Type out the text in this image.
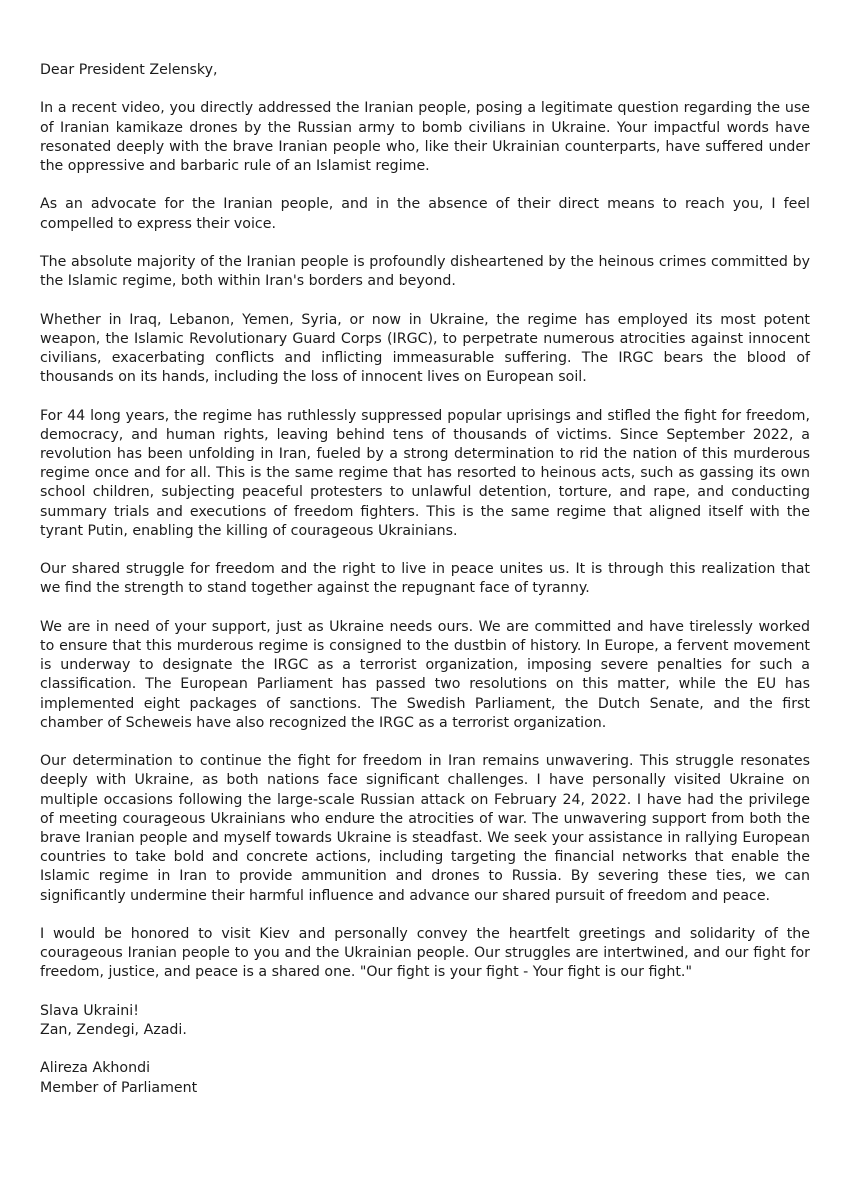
Dear President Zelensky,

In a recent video, you directly addressed the Iranian people, posing a legitimate question regarding the use of Iranian kamikaze drones by the Russian army to bomb civilians in Ukraine. Your impactful words have resonated deeply with the brave Iranian people who, like their Ukrainian counterparts, have suffered under the oppressive and barbaric rule of an Islamist regime.

As an advocate for the Iranian people, and in the absence of their direct means to reach you, I feel compelled to express their voice.

The absolute majority of the Iranian people is profoundly disheartened by the heinous crimes committed by the Islamic regime, both within Iran's borders and beyond.

Whether in Iraq, Lebanon, Yemen, Syria, or now in Ukraine, the regime has employed its most potent weapon, the Islamic Revolutionary Guard Corps (IRGC), to perpetrate numerous atrocities against innocent civilians, exacerbating conflicts and inflicting immeasurable suffering. The IRGC bears the blood of thousands on its hands, including the loss of innocent lives on European soil.

For 44 long years, the regime has ruthlessly suppressed popular uprisings and stifled the fight for freedom, democracy, and human rights, leaving behind tens of thousands of victims. Since September 2022, a revolution has been unfolding in Iran, fueled by a strong determination to rid the nation of this murderous regime once and for all. This is the same regime that has resorted to heinous acts, such as gassing its own school children, subjecting peaceful protesters to unlawful detention, torture, and rape, and conducting summary trials and executions of freedom fighters. This is the same regime that aligned itself with the tyrant Putin, enabling the killing of courageous Ukrainians.

Our shared struggle for freedom and the right to live in peace unites us. It is through this realization that we find the strength to stand together against the repugnant face of tyranny.

We are in need of your support, just as Ukraine needs ours. We are committed and have tirelessly worked to ensure that this murderous regime is consigned to the dustbin of history. In Europe, a fervent movement is underway to designate the IRGC as a terrorist organization, imposing severe penalties for such a classification. The European Parliament has passed two resolutions on this matter, while the EU has implemented eight packages of sanctions. The Swedish Parliament, the Dutch Senate, and the first chamber of Scheweis have also recognized the IRGC as a terrorist organization.

Our determination to continue the fight for freedom in Iran remains unwavering. This struggle resonates deeply with Ukraine, as both nations face significant challenges. I have personally visited Ukraine on multiple occasions following the large-scale Russian attack on February 24, 2022. I have had the privilege of meeting courageous Ukrainians who endure the atrocities of war. The unwavering support from both the brave Iranian people and myself towards Ukraine is steadfast. We seek your assistance in rallying European countries to take bold and concrete actions, including targeting the financial networks that enable the Islamic regime in Iran to provide ammunition and drones to Russia. By severing these ties, we can significantly undermine their harmful influence and advance our shared pursuit of freedom and peace.

I would be honored to visit Kiev and personally convey the heartfelt greetings and solidarity of the courageous Iranian people to you and the Ukrainian people. Our struggles are intertwined, and our fight for freedom, justice, and peace is a shared one. "Our fight is your fight - Your fight is our fight."

Slava Ukraini!
Zan, Zendegi, Azadi.
Alireza Akhondi
Member of Parliament
